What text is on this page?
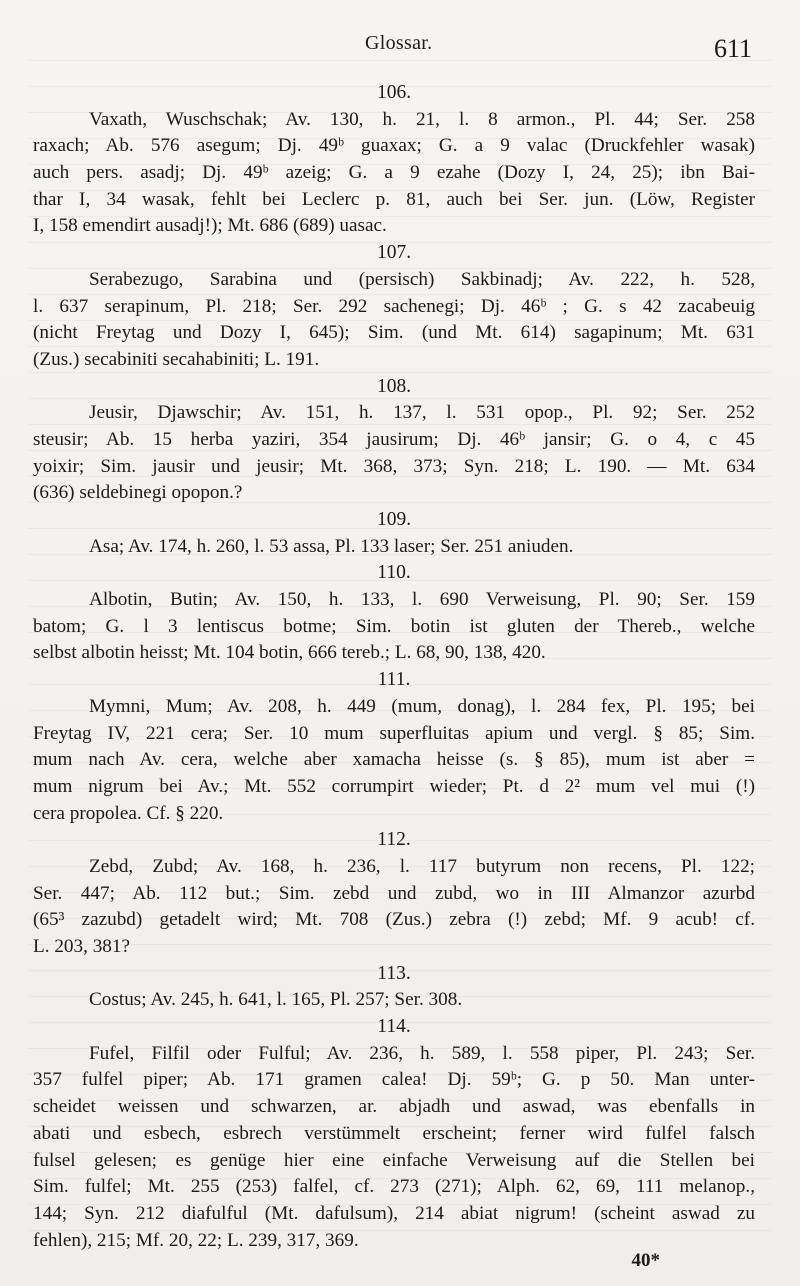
Glossar.	611
106.
Vaxath, Wuschschak; Av. 130, h. 21, l. 8 armon., Pl. 44; Ser. 258
raxach; Ab. 576 asegum; Dj. 49ᵇ guaxax; G. a 9 valac (Druckfehler wasak)
auch pers. asadj; Dj. 49ᵇ azeig; G. a 9 ezahe (Dozy I, 24, 25); ibn Bai-
thar I, 34 wasak, fehlt bei Leclerc p. 81, auch bei Ser. jun. (Löw, Register
I, 158 emendirt ausadj!); Mt. 686 (689) uasac.
107.
Serabezugo, Sarabina und (persisch) Sakbinadj; Av. 222, h. 528,
l. 637 serapinum, Pl. 218; Ser. 292 sachenegi; Dj. 46ᵇ ; G. s 42 zacabeuig
(nicht Freytag und Dozy I, 645); Sim. (und Mt. 614) sagapinum; Mt. 631
(Zus.) secabiniti secahabiniti; L. 191.
108.
Jeusir, Djawschir; Av. 151, h. 137, l. 531 opop., Pl. 92; Ser. 252
steusir; Ab. 15 herba yaziri, 354 jausirum; Dj. 46ᵇ jansir; G. o 4, c 45
yoixir; Sim. jausir und jeusir; Mt. 368, 373; Syn. 218; L. 190. — Mt. 634
(636) seldebinegi opopon.?
109.
Asa; Av. 174, h. 260, l. 53 assa, Pl. 133 laser; Ser. 251 aniuden.
110.
Albotin, Butin; Av. 150, h. 133, l. 690 Verweisung, Pl. 90; Ser. 159
batom; G. l 3 lentiscus botme; Sim. botin ist gluten der Thereb., welche
selbst albotin heisst; Mt. 104 botin, 666 tereb.; L. 68, 90, 138, 420.
111.
Mymni, Mum; Av. 208, h. 449 (mum, donag), l. 284 fex, Pl. 195; bei
Freytag IV, 221 cera; Ser. 10 mum superfluitas apium und vergl. § 85; Sim.
mum nach Av. cera, welche aber xamacha heisse (s. § 85), mum ist aber =
mum nigrum bei Av.; Mt. 552 corrumpirt wieder; Pt. d 2² mum vel mui (!)
cera propolea. Cf. § 220.
112.
Zebd, Zubd; Av. 168, h. 236, l. 117 butyrum non recens, Pl. 122;
Ser. 447; Ab. 112 but.; Sim. zebd und zubd, wo in III Almanzor azurbd
(65³ zazubd) getadelt wird; Mt. 708 (Zus.) zebra (!) zebd; Mf. 9 acub! cf.
L. 203, 381?
113.
Costus; Av. 245, h. 641, l. 165, Pl. 257; Ser. 308.
114.
Fufel, Filfil oder Fulful; Av. 236, h. 589, l. 558 piper, Pl. 243; Ser.
357 fulfel piper; Ab. 171 gramen calea! Dj. 59ᵇ; G. p 50. Man unter-
scheidet weissen und schwarzen, ar. abjadh und aswad, was ebenfalls in
abati und esbech, esbrech verstümmelt erscheint; ferner wird fulfel falsch
fulsel gelesen; es genüge hier eine einfache Verweisung auf die Stellen bei
Sim. fulfel; Mt. 255 (253) falfel, cf. 273 (271); Alph. 62, 69, 111 melanop.,
144; Syn. 212 diafulful (Mt. dafulsum), 214 abiat nigrum! (scheint aswad zu
fehlen), 215; Mf. 20, 22; L. 239, 317, 369.
40*
